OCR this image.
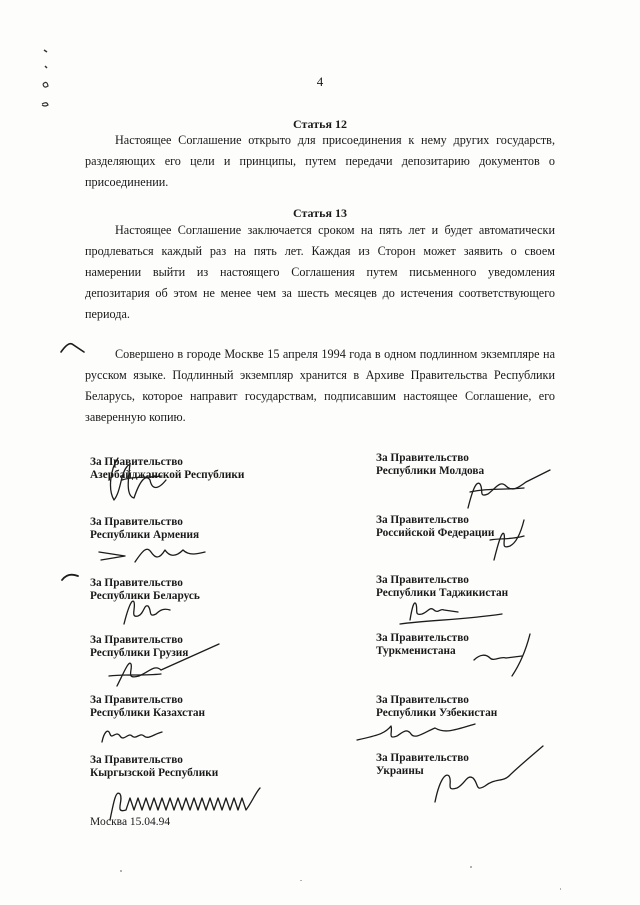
4
Статья 12

Настоящее Соглашение открыто для присоединения к нему других государств, разделяющих его цели и принципы, путем передачи депозитарию документов о присоединении.

Статья 13

Настоящее Соглашение заключается сроком на пять лет и будет автоматически продлеваться каждый раз на пять лет. Каждая из Сторон может заявить о своем намерении выйти из настоящего Соглашения путем письменного уведомления депозитария об этом не менее чем за шесть месяцев до истечения соответствующего периода.

Совершено в городе Москве 15 апреля 1994 года в одном подлинном экземпляре на русском языке. Подлинный экземпляр хранится в Архиве Правительства Республики Беларусь, которое направит государствам, подписавшим настоящее Соглашение, его заверенную копию.

За Правительство
Азербайджанской Республики
За Правительство
Республики Армения
За Правительство
Республики Беларусь
За Правительство
Республики Грузия
За Правительство
Республики Казахстан
За Правительство
Кыргызской Республики
Москва 15.04.94
За Правительство
Республики Молдова
За Правительство
Российской Федерации
За Правительство
Республики Таджикистан
За Правительство
Туркменистана
За Правительство
Республики Узбекистан
За Правительство
Украины
